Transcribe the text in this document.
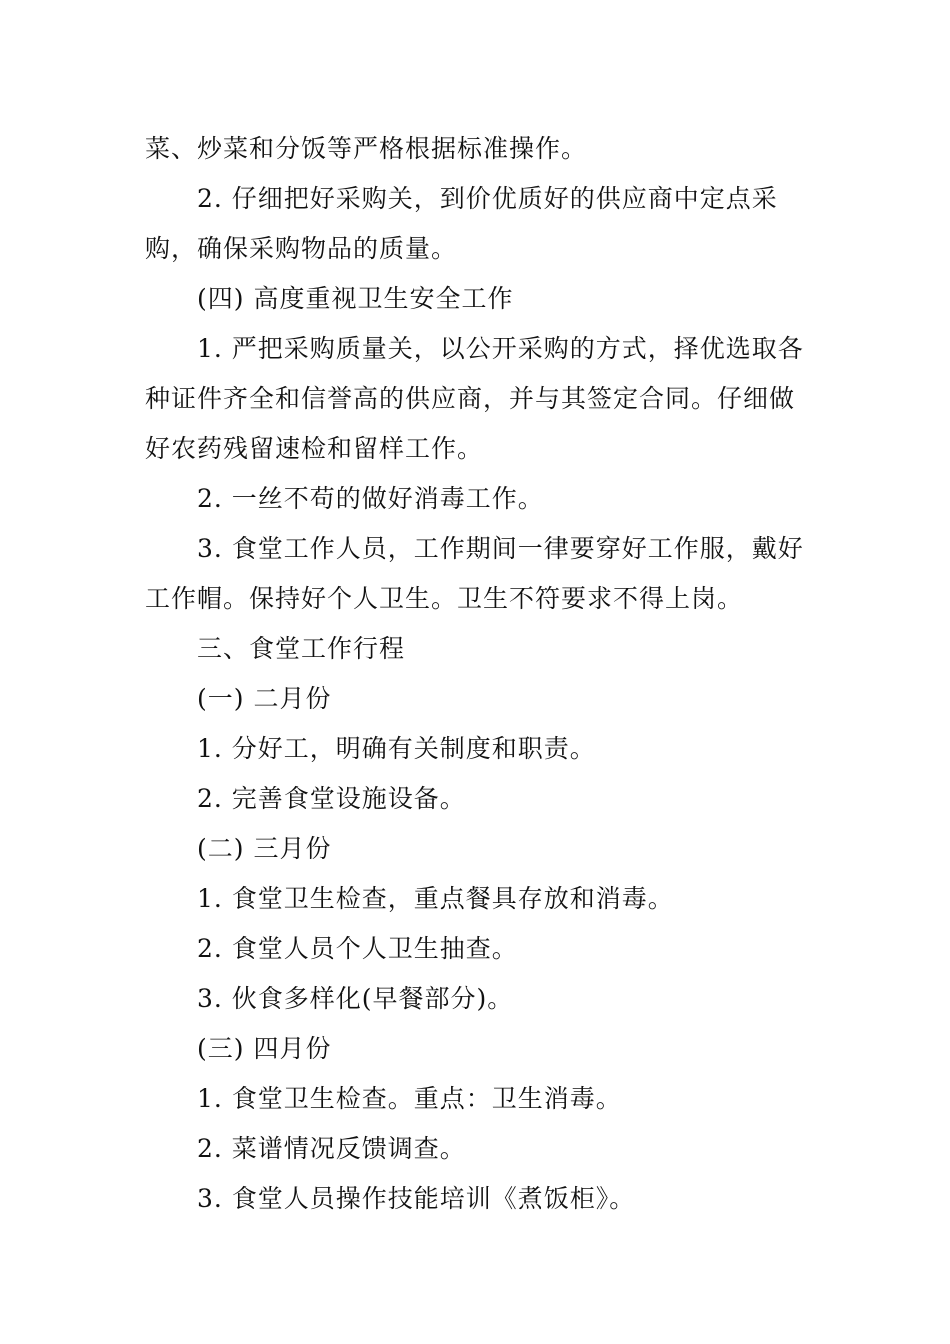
菜、炒菜和分饭等严格根据标准操作。

2. 仔细把好采购关，到价优质好的供应商中定点采购，确保采购物品的质量。

(四) 高度重视卫生安全工作

1. 严把采购质量关，以公开采购的方式，择优选取各种证件齐全和信誉高的供应商，并与其签定合同。仔细做好农药残留速检和留样工作。

2. 一丝不苟的做好消毒工作。

3. 食堂工作人员，工作期间一律要穿好工作服，戴好工作帽。保持好个人卫生。卫生不符要求不得上岗。

三、食堂工作行程

(一) 二月份

1. 分好工，明确有关制度和职责。

2. 完善食堂设施设备。

(二) 三月份

1. 食堂卫生检查，重点餐具存放和消毒。

2. 食堂人员个人卫生抽查。

3. 伙食多样化(早餐部分)。

(三) 四月份

1. 食堂卫生检查。重点：卫生消毒。

2. 菜谱情况反馈调查。

3. 食堂人员操作技能培训《煮饭柜》。
